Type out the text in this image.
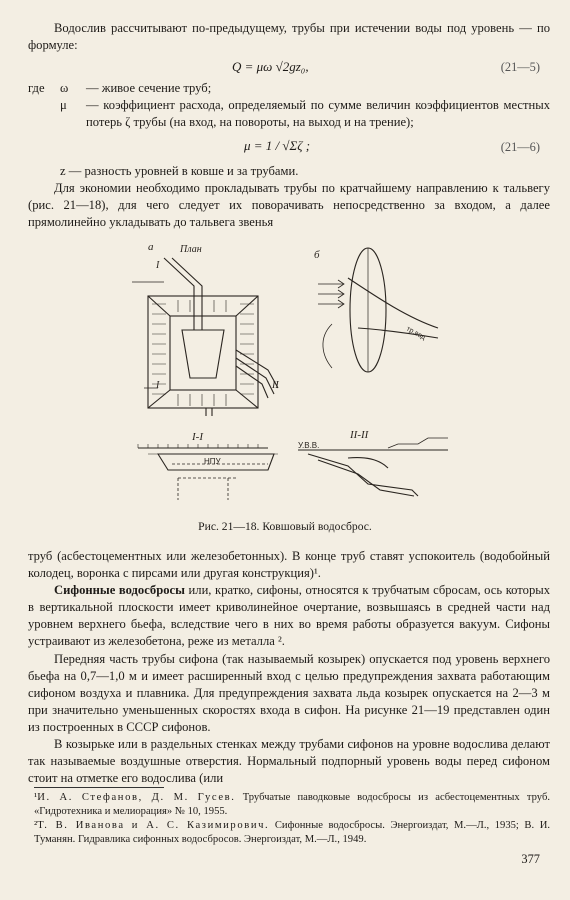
Водослив рассчитывают по-предыдущему, трубы при истечении воды под уровень — по формуле:

Q = μω √2gz₀,	(21—5)
где ω — живое сечение труб;
μ — коэффициент расхода, определяемый по сумме величин коэффициентов местных потерь ζ трубы (на вход, на повороты, на выход и на трение);
μ = 1 / √Σζ ;	(21—6)
z — разность уровней в ковше и за трубами.

Для экономии необходимо прокладывать трубы по кратчайшему направлению к тальвегу (рис. 21—18), для чего следует их поворачивать непосредственно за входом, а далее прямолинейно укладывать до тальвега звенья

а	План	б
I
I	II
I-I	II-II
НПУ
У.В.В.
тр.вод
Рис. 21—18. Ковшовый водосброс.

труб (асбестоцементных или железобетонных). В конце труб ставят успокоитель (водобойный колодец, воронка с пирсами или другая конструкция)¹.

Сифонные водосбросы или, кратко, сифоны, относятся к трубчатым сбросам, ось которых в вертикальной плоскости имеет криволинейное очертание, возвышаясь в средней части над уровнем верхнего бьефа, вследствие чего в них во время работы образуется вакуум. Сифоны устраивают из железобетона, реже из металла ².

Передняя часть трубы сифона (так называемый козырек) опускается под уровень верхнего бьефа на 0,7—1,0 м и имеет расширенный вход с целью предупреждения захвата работающим сифоном воздуха и плавника. Для предупреждения захвата льда козырек опускается на 2—3 м при значительно уменьшенных скоростях входа в сифон. На рисунке 21—19 представлен один из построенных в СССР сифонов.

В козырьке или в раздельных стенках между трубами сифонов на уровне водослива делают так называемые воздушные отверстия. Нормальный подпорный уровень воды перед сифоном стоит на отметке его водослива (или

¹И. А. Стефанов, Д. М. Гусев. Трубчатые паводковые водосбросы из асбестоцементных труб. «Гидротехника и мелиорация» № 10, 1955.
²Т. В. Иванова и А. С. Казимирович. Сифонные водосбросы. Энергоиздат, М.—Л., 1935; В. И. Туманян. Гидравлика сифонных водосбросов. Энергоиздат, М.—Л., 1949.
377
